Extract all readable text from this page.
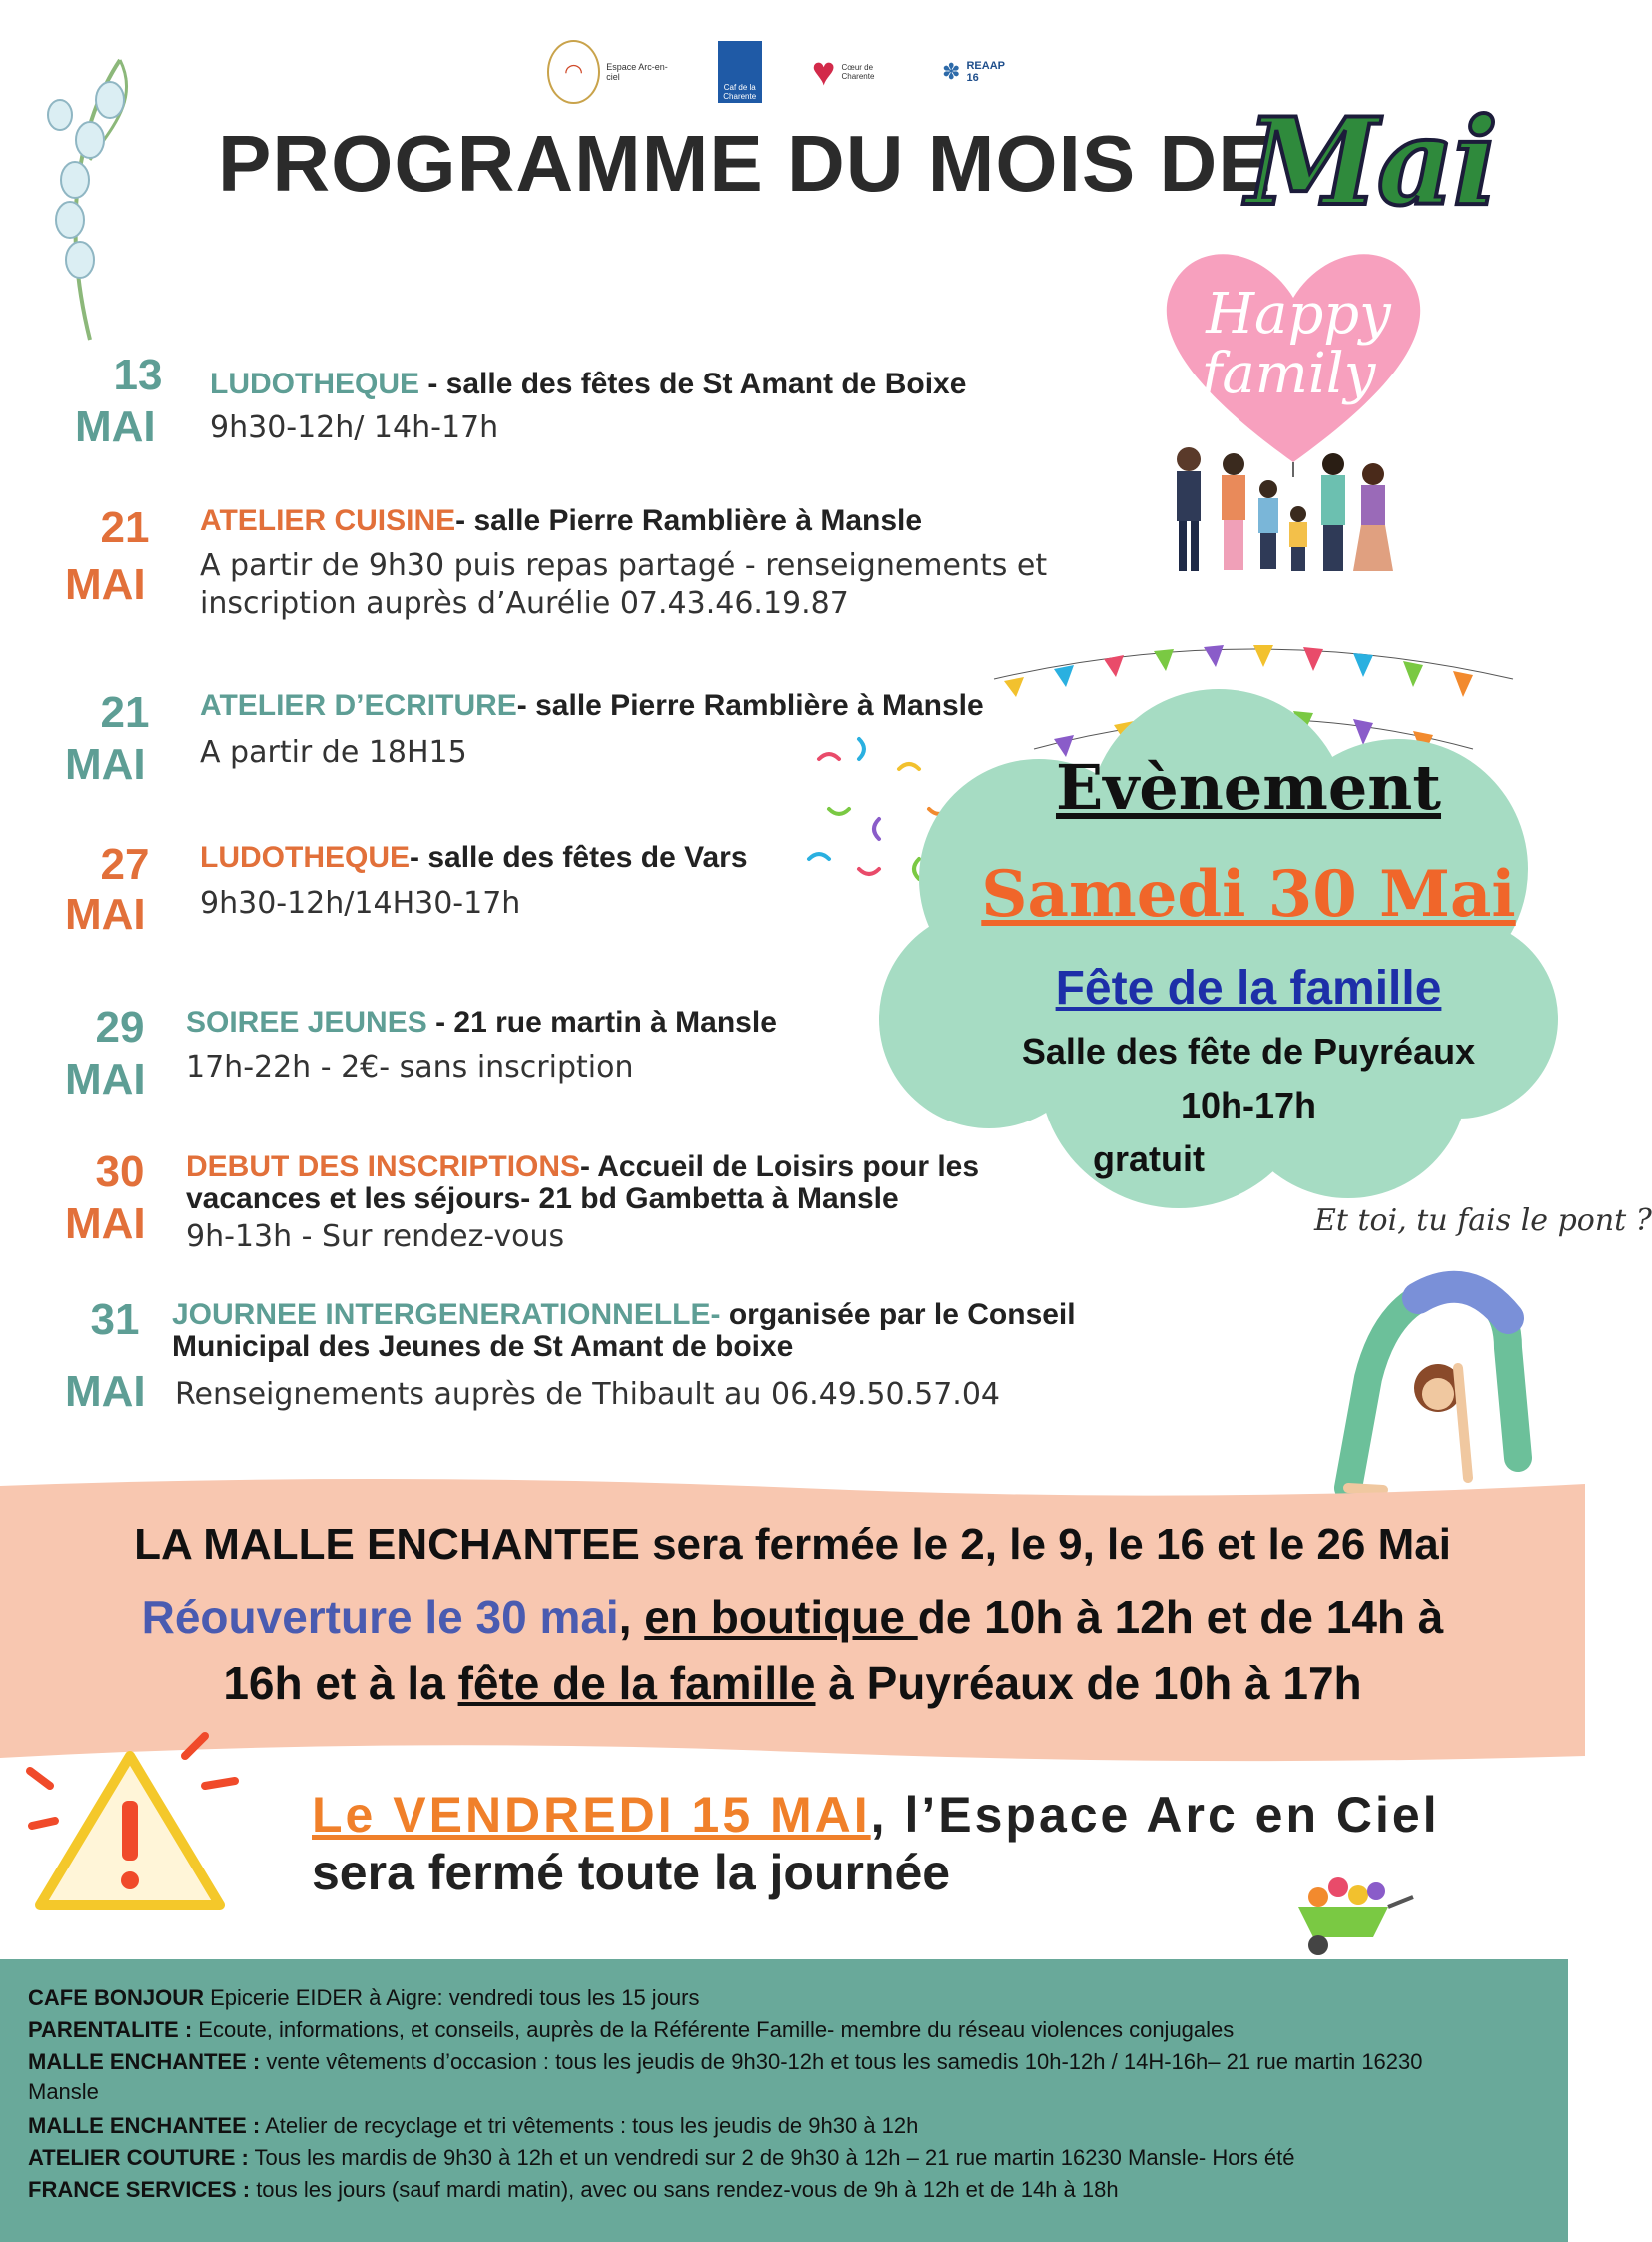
◠	Espace Arc-en-ciel
Caf de la Charente
♥ Cœur de Charente	✽ REAAP 16
PROGRAMME DU MOIS DE
Mai
Happy
family
13
MAI
LUDOTHEQUE - salle des fêtes de St Amant de Boixe
9h30-12h/ 14h-17h
21
MAI
ATELIER CUISINE- salle Pierre Ramblière à Mansle
A partir de 9h30 puis repas partagé - renseignements et
inscription auprès d’Aurélie 07.43.46.19.87
21
MAI
ATELIER D’ECRITURE- salle Pierre Ramblière à Mansle
A partir de 18H15
27
MAI
LUDOTHEQUE- salle des fêtes de Vars
9h30-12h/14H30-17h
29
MAI
SOIREE JEUNES - 21 rue martin à Mansle
17h-22h - 2€- sans inscription
30
MAI
DEBUT DES INSCRIPTIONS- Accueil de Loisirs pour les
vacances et les séjours- 21 bd Gambetta à Mansle
9h-13h - Sur rendez-vous
31
MAI
JOURNEE INTERGENERATIONNELLE- organisée par le Conseil
Municipal des Jeunes de St Amant de boixe
Renseignements auprès de Thibault au 06.49.50.57.04
Evènement
Samedi 30 Mai
Fête de la famille
Salle des fête de Puyréaux
10h-17h
gratuit
Et toi, tu fais le pont ?
LA MALLE ENCHANTEE sera fermée le 2, le 9, le 16 et le 26 Mai
Réouverture le 30 mai, en boutique de 10h à 12h et de 14h à
16h et à la fête de la famille à Puyréaux de 10h à 17h
Le VENDREDI 15 MAI, l’Espace Arc en Ciel
sera fermé toute la journée
CAFE BONJOUR Epicerie EIDER à Aigre: vendredi tous les 15 jours
PARENTALITE : Ecoute, informations, et conseils, auprès de la Référente Famille- membre du réseau violences conjugales
MALLE ENCHANTEE : vente vêtements d’occasion : tous les jeudis de 9h30-12h et tous les samedis 10h-12h / 14H-16h– 21 rue martin 16230
Mansle
MALLE ENCHANTEE : Atelier de recyclage et tri vêtements : tous les jeudis de 9h30 à 12h
ATELIER COUTURE : Tous les mardis de 9h30 à 12h et un vendredi sur 2 de 9h30 à 12h – 21 rue martin 16230 Mansle- Hors été
FRANCE SERVICES : tous les jours (sauf mardi matin), avec ou sans rendez-vous de 9h à 12h et de 14h à 18h
